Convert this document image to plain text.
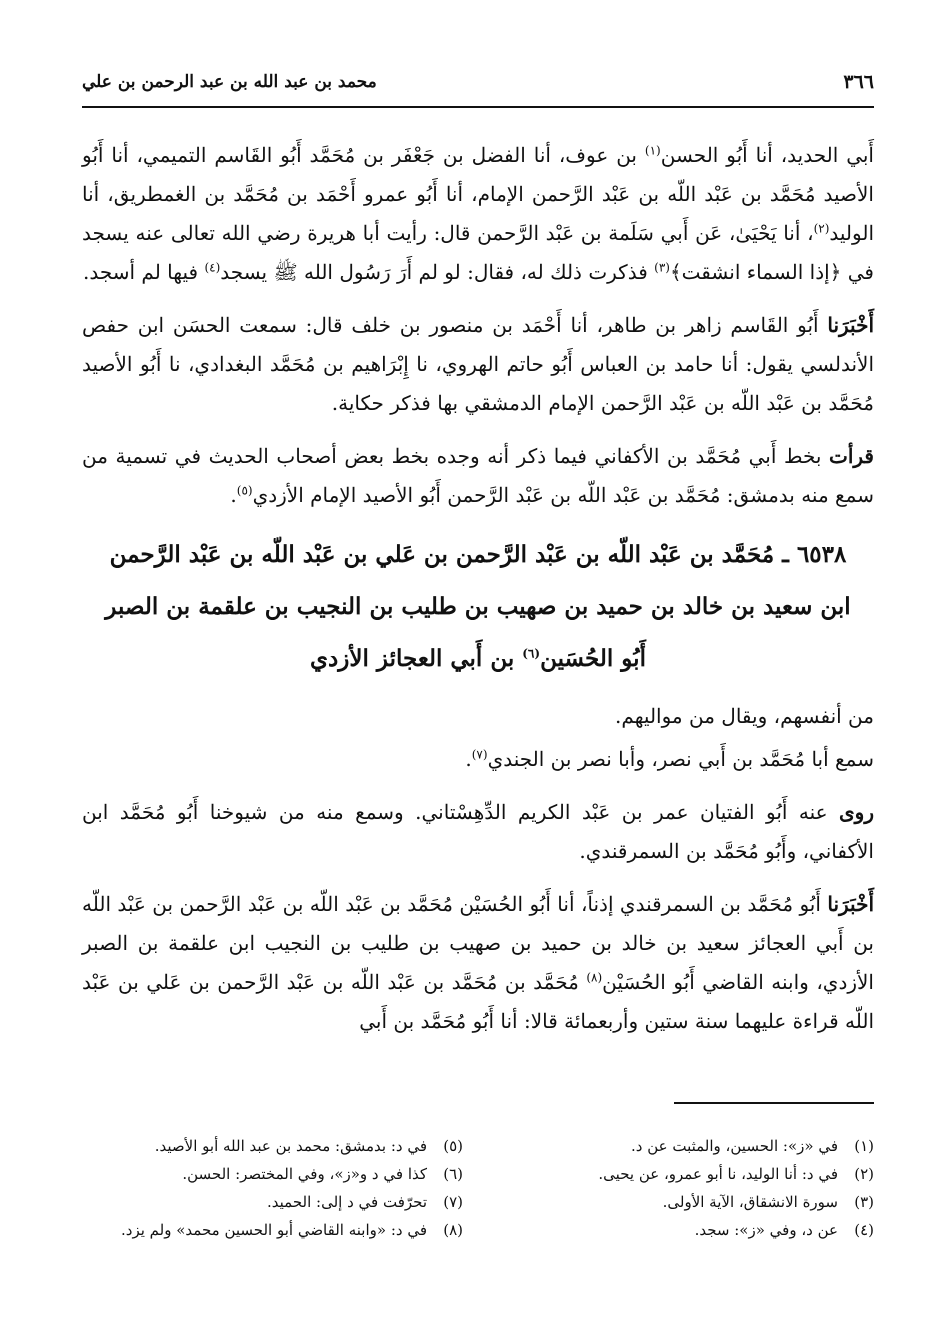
٣٦٦
محمد بن عبد الله بن عبد الرحمن بن علي

أَبي الحديد، أنا أَبُو الحسن$^{(١)}$ بن عوف، أنا الفضل بن جَعْفَر بن مُحَمَّد أَبُو القَاسم التميمي، أنا أَبُو الأصيد مُحَمَّد بن عَبْد اللّه بن عَبْد الرَّحمن الإمام، أنا أَبُو عمرو أَحْمَد بن مُحَمَّد بن الغمطريق، أنا الوليد$^{(٢)}$، أنا يَحْيَىٰ، عَن أَبي سَلَمة بن عَبْد الرَّحمن قال: رأيت أبا هريرة رضي الله تعالى عنه يسجد في ﴿إذا السماء انشقت﴾$^{(٣)}$ فذكرت ذلك له، فقال: لو لم أَرَ رَسُول الله ﷺ يسجد$^{(٤)}$ فيها لم أسجد.

أَخْبَرَنا أَبُو القَاسم زاهر بن طاهر، أنا أَحْمَد بن منصور بن خلف قال: سمعت الحسَن ابن حفص الأندلسي يقول: أنا حامد بن العباس أَبُو حاتم الهروي، نا إِبْرَاهيم بن مُحَمَّد البغدادي، نا أَبُو الأصيد مُحَمَّد بن عَبْد اللّه بن عَبْد الرَّحمن الإمام الدمشقي بها فذكر حكاية.

قرأت بخط أَبي مُحَمَّد بن الأكفاني فيما ذكر أنه وجده بخط بعض أصحاب الحديث في تسمية من سمع منه بدمشق: مُحَمَّد بن عَبْد اللّه بن عَبْد الرَّحمن أَبُو الأصيد الإمام الأزدي$^{(٥)}$.

٦٥٣٨ ـ مُحَمَّد بن عَبْد اللّه بن عَبْد الرَّحمن بن عَلي بن عَبْد اللّه بن عَبْد الرَّحمن
ابن سعيد بن خالد بن حميد بن صهيب بن طليب بن النجيب بن علقمة بن الصبر
أَبُو الحُسَين$^{(٦)}$ بن أَبي العجائز الأزدي

من أنفسهم، ويقال من مواليهم.

سمع أبا مُحَمَّد بن أَبي نصر، وأبا نصر بن الجندي$^{(٧)}$.

روى عنه أَبُو الفتيان عمر بن عَبْد الكريم الدِّهِسْتاني. وسمع منه من شيوخنا أَبُو مُحَمَّد ابن الأكفاني، وأَبُو مُحَمَّد بن السمرقندي.

أَخْبَرَنا أَبُو مُحَمَّد بن السمرقندي إذناً، أنا أَبُو الحُسَيْن مُحَمَّد بن عَبْد اللّه بن عَبْد الرَّحمن بن عَبْد اللّه بن أَبي العجائز سعيد بن خالد بن حميد بن صهيب بن طليب بن النجيب ابن علقمة بن الصبر الأزدي، وابنه القاضي أَبُو الحُسَيْن$^{(٨)}$ مُحَمَّد بن مُحَمَّد بن عَبْد اللّه بن عَبْد الرَّحمن بن عَلي بن عَبْد اللّه قراءة عليهما سنة ستين وأربعمائة قالا: أنا أَبُو مُحَمَّد بن أَبي

(١)
في «ز»: الحسين، والمثبت عن د.
(٢)
في د: أنا الوليد، نا أبو عمرو، عن يحيى.
(٣)
سورة الانشقاق، الآية الأولى.
(٤)
عن د، وفي «ز»: سجد.
(٥)
في د: بدمشق: محمد بن عبد الله أبو الأصيد.
(٦)
كذا في د و«ز»، وفي المختصر: الحسن.
(٧)
تحرّفت في د إلى: الحميد.
(٨)
في د: «وابنه القاضي أبو الحسين محمد» ولم يزد.
